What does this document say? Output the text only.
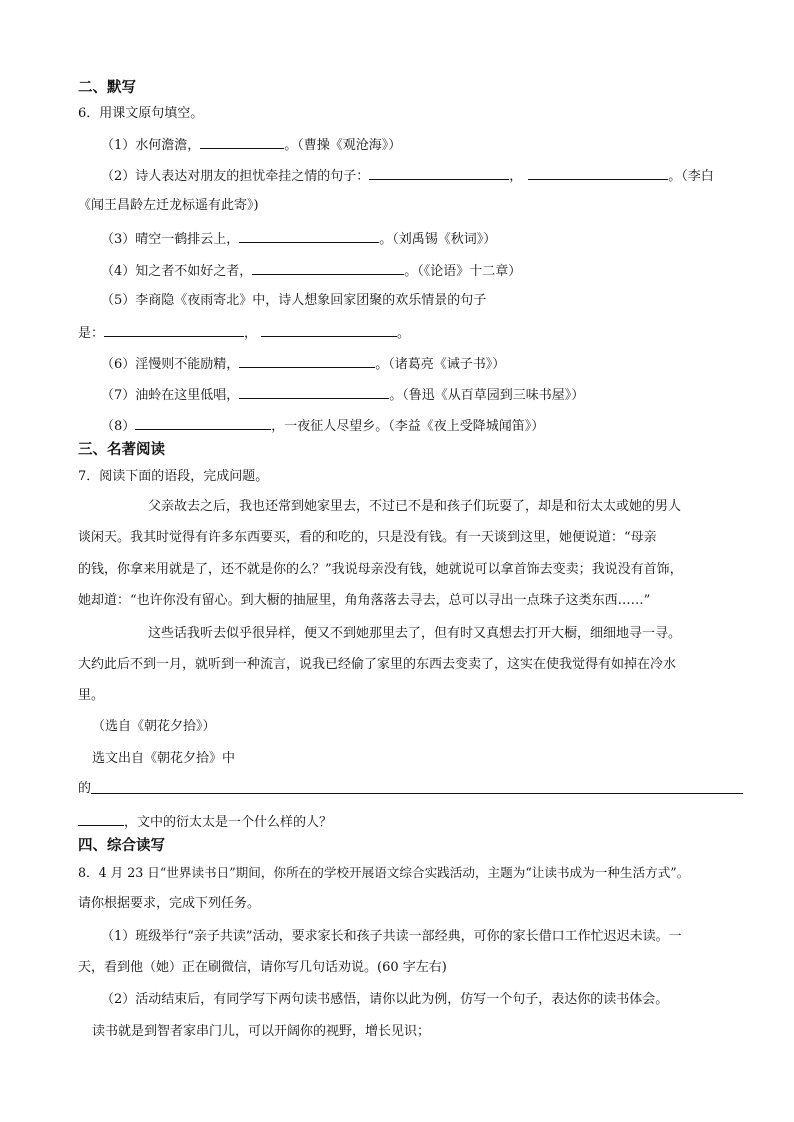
二、默写
6．用课文原句填空。
（1）水何澹澹，	。（曹操《观沧海》）
（2）诗人表达对朋友的担忧牵挂之情的句子：	，	。（李白
《闻王昌龄左迁龙标遥有此寄》)
（3）晴空一鹤排云上，	。（刘禹锡《秋词》）
（4）知之者不如好之者，	。（《论语》十二章）
（5）李商隐《夜雨寄北》中，诗人想象回家团聚的欢乐情景的句子
是：	，	。
（6）淫慢则不能励精，	。（诸葛亮《诫子书》）
（7）油蛉在这里低唱，	。（鲁迅《从百草园到三味书屋》）
（8）	，一夜征人尽望乡。（李益《夜上受降城闻笛》）
三、名著阅读
7．阅读下面的语段，完成问题。
父亲故去之后，我也还常到她家里去，不过已不是和孩子们玩耍了，却是和衍太太或她的男人
谈闲天。我其时觉得有许多东西要买，看的和吃的，只是没有钱。有一天谈到这里，她便说道：“母亲
的钱，你拿来用就是了，还不就是你的么？”我说母亲没有钱，她就说可以拿首饰去变卖；我说没有首饰，
她却道：“也许你没有留心。到大橱的抽屉里，角角落落去寻去，总可以寻出一点珠子这类东西……”
这些话我听去似乎很异样，便又不到她那里去了，但有时又真想去打开大橱，细细地寻一寻。
大约此后不到一月，就听到一种流言，说我已经偷了家里的东西去变卖了，这实在使我觉得有如掉在冷水
里。
（选自《朝花夕拾》）
选文出自《朝花夕拾》中
的
，文中的衍太太是一个什么样的人？
四、综合读写
8．4 月 23 日“世界读书日”期间，你所在的学校开展语文综合实践活动，主题为“让读书成为一种生活方式”。
请你根据要求，完成下列任务。
（1）班级举行“亲子共读”活动，要求家长和孩子共读一部经典，可你的家长借口工作忙迟迟未读。一
天，看到他（她）正在刷微信，请你写几句话劝说。(60 字左右)
（2）活动结束后，有同学写下两句读书感悟，请你以此为例，仿写一个句子，表达你的读书体会。
读书就是到智者家串门儿，可以开阔你的视野，增长见识；
